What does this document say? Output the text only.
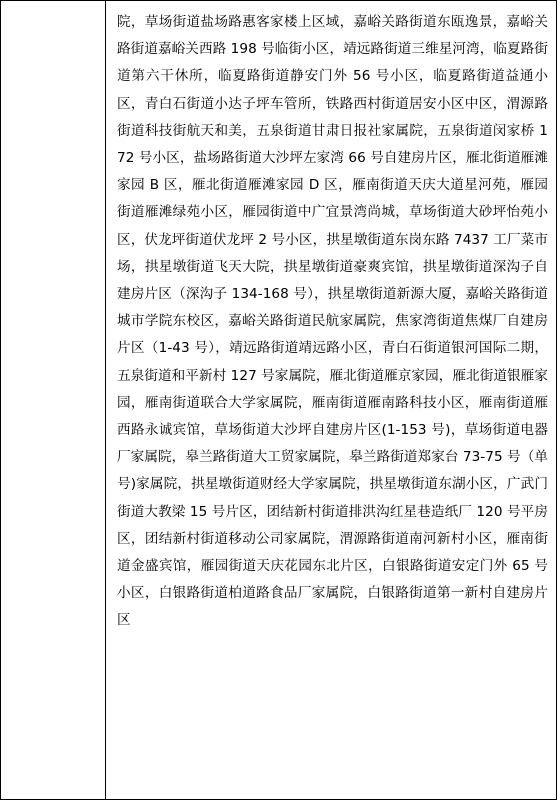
院，草场街道盐场路惠客家楼上区域，嘉峪关路街道东瓯逸景，嘉峪关路街道嘉峪关西路 198 号临街小区，靖远路街道三维星河湾，临夏路街道第六干休所，临夏路街道静安门外 56 号小区，临夏路街道益通小区，青白石街道小达子坪车管所，铁路西村街道居安小区中区，渭源路街道科技街航天和美，五泉街道甘肃日报社家属院，五泉街道闵家桥 172 号小区，盐场路街道大沙坪左家湾 66 号自建房片区，雁北街道雁滩家园 B 区，雁北街道雁滩家园 D 区，雁南街道天庆大道星河苑，雁园街道雁滩绿苑小区，雁园街道中广宜景湾尚城，草场街道大砂坪怡苑小区，伏龙坪街道伏龙坪 2 号小区，拱星墩街道东岗东路 7437 工厂菜市场，拱星墩街道飞天大院，拱星墩街道豪爽宾馆，拱星墩街道深沟子自建房片区（深沟子 134-168 号），拱星墩街道新源大厦，嘉峪关路街道城市学院东校区，嘉峪关路街道民航家属院，焦家湾街道焦煤厂自建房片区（1-43 号），靖远路街道靖远路小区，青白石街道银河国际二期，五泉街道和平新村 127 号家属院，雁北街道雁京家园，雁北街道银雁家园，雁南街道联合大学家属院，雁南街道雁南路科技小区，雁南街道雁西路永诚宾馆，草场街道大沙坪自建房片区(1-153 号)，草场街道电器厂家属院，皋兰路街道大工贸家属院，皋兰路街道郑家台 73-75 号（单号)家属院，拱星墩街道财经大学家属院，拱星墩街道东湖小区，广武门街道大教梁 15 号片区，团结新村街道排洪沟红星巷造纸厂 120 号平房区，团结新村街道移动公司家属院，渭源路街道南河新村小区，雁南街道金盛宾馆，雁园街道天庆花园东北片区，白银路街道安定门外 65 号小区，白银路街道柏道路食品厂家属院，白银路街道第一新村自建房片区
